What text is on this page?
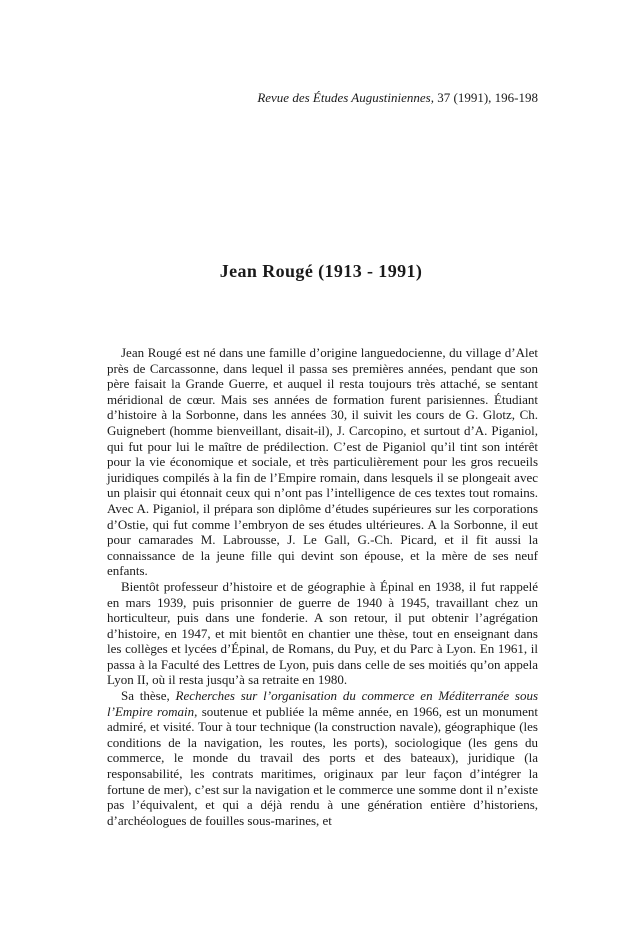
Revue des Études Augustiniennes, 37 (1991), 196-198
Jean Rougé (1913 - 1991)

Jean Rougé est né dans une famille d’origine languedocienne, du village d’Alet près de Carcassonne, dans lequel il passa ses premières années, pendant que son père faisait la Grande Guerre, et auquel il resta toujours très attaché, se sentant méridional de cœur. Mais ses années de formation furent parisiennes. Étudiant d’histoire à la Sorbonne, dans les années 30, il suivit les cours de G. Glotz, Ch. Guignebert (homme bienveillant, disait-il), J. Carcopino, et surtout d’A. Piganiol, qui fut pour lui le maître de prédilection. C’est de Piganiol qu’il tint son intérêt pour la vie économique et sociale, et très particulièrement pour les gros recueils juridiques compilés à la fin de l’Empire romain, dans lesquels il se plongeait avec un plaisir qui étonnait ceux qui n’ont pas l’intelligence de ces textes tout romains. Avec A. Piganiol, il prépara son diplôme d’études supérieures sur les corporations d’Ostie, qui fut comme l’embryon de ses études ultérieures. A la Sorbonne, il eut pour camarades M. Labrousse, J. Le Gall, G.-Ch. Picard, et il fit aussi la connaissance de la jeune fille qui devint son épouse, et la mère de ses neuf enfants.

Bientôt professeur d’histoire et de géographie à Épinal en 1938, il fut rappelé en mars 1939, puis prisonnier de guerre de 1940 à 1945, travaillant chez un horticulteur, puis dans une fonderie. A son retour, il put obtenir l’agrégation d’histoire, en 1947, et mit bientôt en chantier une thèse, tout en enseignant dans les collèges et lycées d’Épinal, de Romans, du Puy, et du Parc à Lyon. En 1961, il passa à la Faculté des Lettres de Lyon, puis dans celle de ses moitiés qu’on appela Lyon II, où il resta jusqu’à sa retraite en 1980.

Sa thèse, Recherches sur l’organisation du commerce en Méditerranée sous l’Empire romain, soutenue et publiée la même année, en 1966, est un monument admiré, et visité. Tour à tour technique (la construction navale), géographique (les conditions de la navigation, les routes, les ports), sociologique (les gens du commerce, le monde du travail des ports et des bateaux), juridique (la responsabilité, les contrats maritimes, originaux par leur façon d’intégrer la fortune de mer), c’est sur la navigation et le commerce une somme dont il n’existe pas l’équivalent, et qui a déjà rendu à une génération entière d’historiens, d’archéologues de fouilles sous-marines, et
